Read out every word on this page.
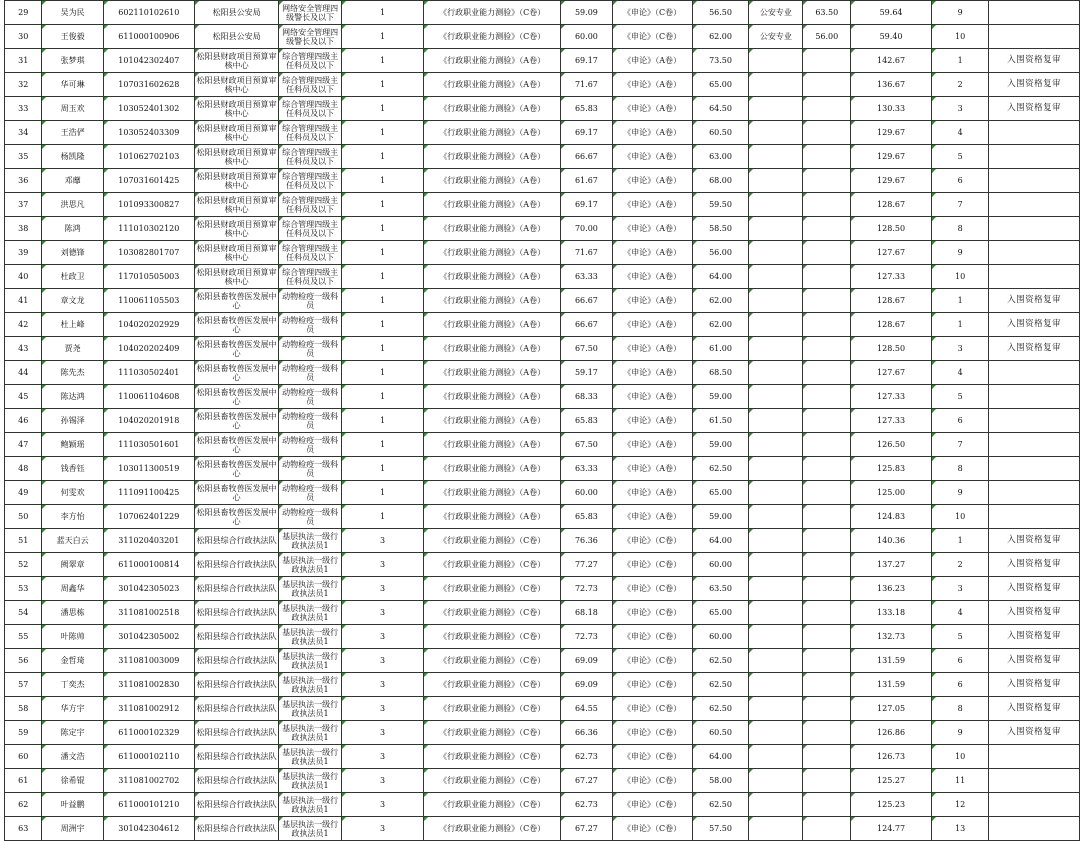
29	吴为民	602110102610	松阳县公安局	网络安全管理四级警长及以下	1	《行政职业能力测验》（C卷）	59.09	《申论》（C卷）	56.50	公安专业	63.50	59.64	9	
30	王俊毅	611000100906	松阳县公安局	网络安全管理四级警长及以下	1	《行政职业能力测验》（C卷）	60.00	《申论》（C卷）	62.00	公安专业	56.00	59.40	10	
31	张梦琪	101042302407	松阳县财政项目预算审核中心	综合管理四级主任科员及以下	1	《行政职业能力测验》（A卷）	69.17	《申论》（A卷）	73.50			142.67	1	入围资格复审
32	华可琳	107031602628	松阳县财政项目预算审核中心	综合管理四级主任科员及以下	1	《行政职业能力测验》（A卷）	71.67	《申论》（A卷）	65.00			136.67	2	入围资格复审
33	周玉欢	103052401302	松阳县财政项目预算审核中心	综合管理四级主任科员及以下	1	《行政职业能力测验》（A卷）	65.83	《申论》（A卷）	64.50			130.33	3	入围资格复审
34	王浩俨	103052403309	松阳县财政项目预算审核中心	综合管理四级主任科员及以下	1	《行政职业能力测验》（A卷）	69.17	《申论》（A卷）	60.50			129.67	4	
35	杨凯隆	101062702103	松阳县财政项目预算审核中心	综合管理四级主任科员及以下	1	《行政职业能力测验》（A卷）	66.67	《申论》（A卷）	63.00			129.67	5	
36	邓蘼	107031601425	松阳县财政项目预算审核中心	综合管理四级主任科员及以下	1	《行政职业能力测验》（A卷）	61.67	《申论》（A卷）	68.00			129.67	6	
37	洪思凡	101093300827	松阳县财政项目预算审核中心	综合管理四级主任科员及以下	1	《行政职业能力测验》（A卷）	69.17	《申论》（A卷）	59.50			128.67	7	
38	陈鸿	111010302120	松阳县财政项目预算审核中心	综合管理四级主任科员及以下	1	《行政职业能力测验》（A卷）	70.00	《申论》（A卷）	58.50			128.50	8	
39	刘德锋	103082801707	松阳县财政项目预算审核中心	综合管理四级主任科员及以下	1	《行政职业能力测验》（A卷）	71.67	《申论》（A卷）	56.00			127.67	9	
40	杜政卫	117010505003	松阳县财政项目预算审核中心	综合管理四级主任科员及以下	1	《行政职业能力测验》（A卷）	63.33	《申论》（A卷）	64.00			127.33	10	
41	章文龙	110061105503	松阳县畜牧兽医发展中心	动物检疫一级科员	1	《行政职业能力测验》（A卷）	66.67	《申论》（A卷）	62.00			128.67	1	入围资格复审
42	杜上峰	104020202929	松阳县畜牧兽医发展中心	动物检疫一级科员	1	《行政职业能力测验》（A卷）	66.67	《申论》（A卷）	62.00			128.67	1	入围资格复审
43	贾尧	104020202409	松阳县畜牧兽医发展中心	动物检疫一级科员	1	《行政职业能力测验》（A卷）	67.50	《申论》（A卷）	61.00			128.50	3	入围资格复审
44	陈先杰	111030502401	松阳县畜牧兽医发展中心	动物检疫一级科员	1	《行政职业能力测验》（A卷）	59.17	《申论》（A卷）	68.50			127.67	4	
45	陈达鸿	110061104608	松阳县畜牧兽医发展中心	动物检疫一级科员	1	《行政职业能力测验》（A卷）	68.33	《申论》（A卷）	59.00			127.33	5	
46	孙锡泽	104020201918	松阳县畜牧兽医发展中心	动物检疫一级科员	1	《行政职业能力测验》（A卷）	65.83	《申论》（A卷）	61.50			127.33	6	
47	鲍颖瑶	111030501601	松阳县畜牧兽医发展中心	动物检疫一级科员	1	《行政职业能力测验》（A卷）	67.50	《申论》（A卷）	59.00			126.50	7	
48	钱香钰	103011300519	松阳县畜牧兽医发展中心	动物检疫一级科员	1	《行政职业能力测验》（A卷）	63.33	《申论》（A卷）	62.50			125.83	8	
49	何雯欢	111091100425	松阳县畜牧兽医发展中心	动物检疫一级科员	1	《行政职业能力测验》（A卷）	60.00	《申论》（A卷）	65.00			125.00	9	
50	李方怡	107062401229	松阳县畜牧兽医发展中心	动物检疫一级科员	1	《行政职业能力测验》（A卷）	65.83	《申论》（A卷）	59.00			124.83	10	
51	蓝天白云	311020403201	松阳县综合行政执法队	基层执法一级行政执法员1	3	《行政职业能力测验》（C卷）	76.36	《申论》（C卷）	64.00			140.36	1	入围资格复审
52	阙翠章	611000100814	松阳县综合行政执法队	基层执法一级行政执法员1	3	《行政职业能力测验》（C卷）	77.27	《申论》（C卷）	60.00			137.27	2	入围资格复审
53	周鑫华	301042305023	松阳县综合行政执法队	基层执法一级行政执法员1	3	《行政职业能力测验》（C卷）	72.73	《申论》（C卷）	63.50			136.23	3	入围资格复审
54	潘思栋	311081002518	松阳县综合行政执法队	基层执法一级行政执法员1	3	《行政职业能力测验》（C卷）	68.18	《申论》（C卷）	65.00			133.18	4	入围资格复审
55	叶陈帅	301042305002	松阳县综合行政执法队	基层执法一级行政执法员1	3	《行政职业能力测验》（C卷）	72.73	《申论》（C卷）	60.00			132.73	5	入围资格复审
56	金哲琦	311081003009	松阳县综合行政执法队	基层执法一级行政执法员1	3	《行政职业能力测验》（C卷）	69.09	《申论》（C卷）	62.50			131.59	6	入围资格复审
57	丁奕杰	311081002830	松阳县综合行政执法队	基层执法一级行政执法员1	3	《行政职业能力测验》（C卷）	69.09	《申论》（C卷）	62.50			131.59	6	入围资格复审
58	华方宇	311081002912	松阳县综合行政执法队	基层执法一级行政执法员1	3	《行政职业能力测验》（C卷）	64.55	《申论》（C卷）	62.50			127.05	8	入围资格复审
59	陈定宇	611000102329	松阳县综合行政执法队	基层执法一级行政执法员1	3	《行政职业能力测验》（C卷）	66.36	《申论》（C卷）	60.50			126.86	9	入围资格复审
60	潘文浩	611000102110	松阳县综合行政执法队	基层执法一级行政执法员1	3	《行政职业能力测验》（C卷）	62.73	《申论》（C卷）	64.00			126.73	10	
61	徐希锟	311081002702	松阳县综合行政执法队	基层执法一级行政执法员1	3	《行政职业能力测验》（C卷）	67.27	《申论》（C卷）	58.00			125.27	11	
62	叶益鹏	611000101210	松阳县综合行政执法队	基层执法一级行政执法员1	3	《行政职业能力测验》（C卷）	62.73	《申论》（C卷）	62.50			125.23	12	
63	周洲宇	301042304612	松阳县综合行政执法队	基层执法一级行政执法员1	3	《行政职业能力测验》（C卷）	67.27	《申论》（C卷）	57.50			124.77	13	
